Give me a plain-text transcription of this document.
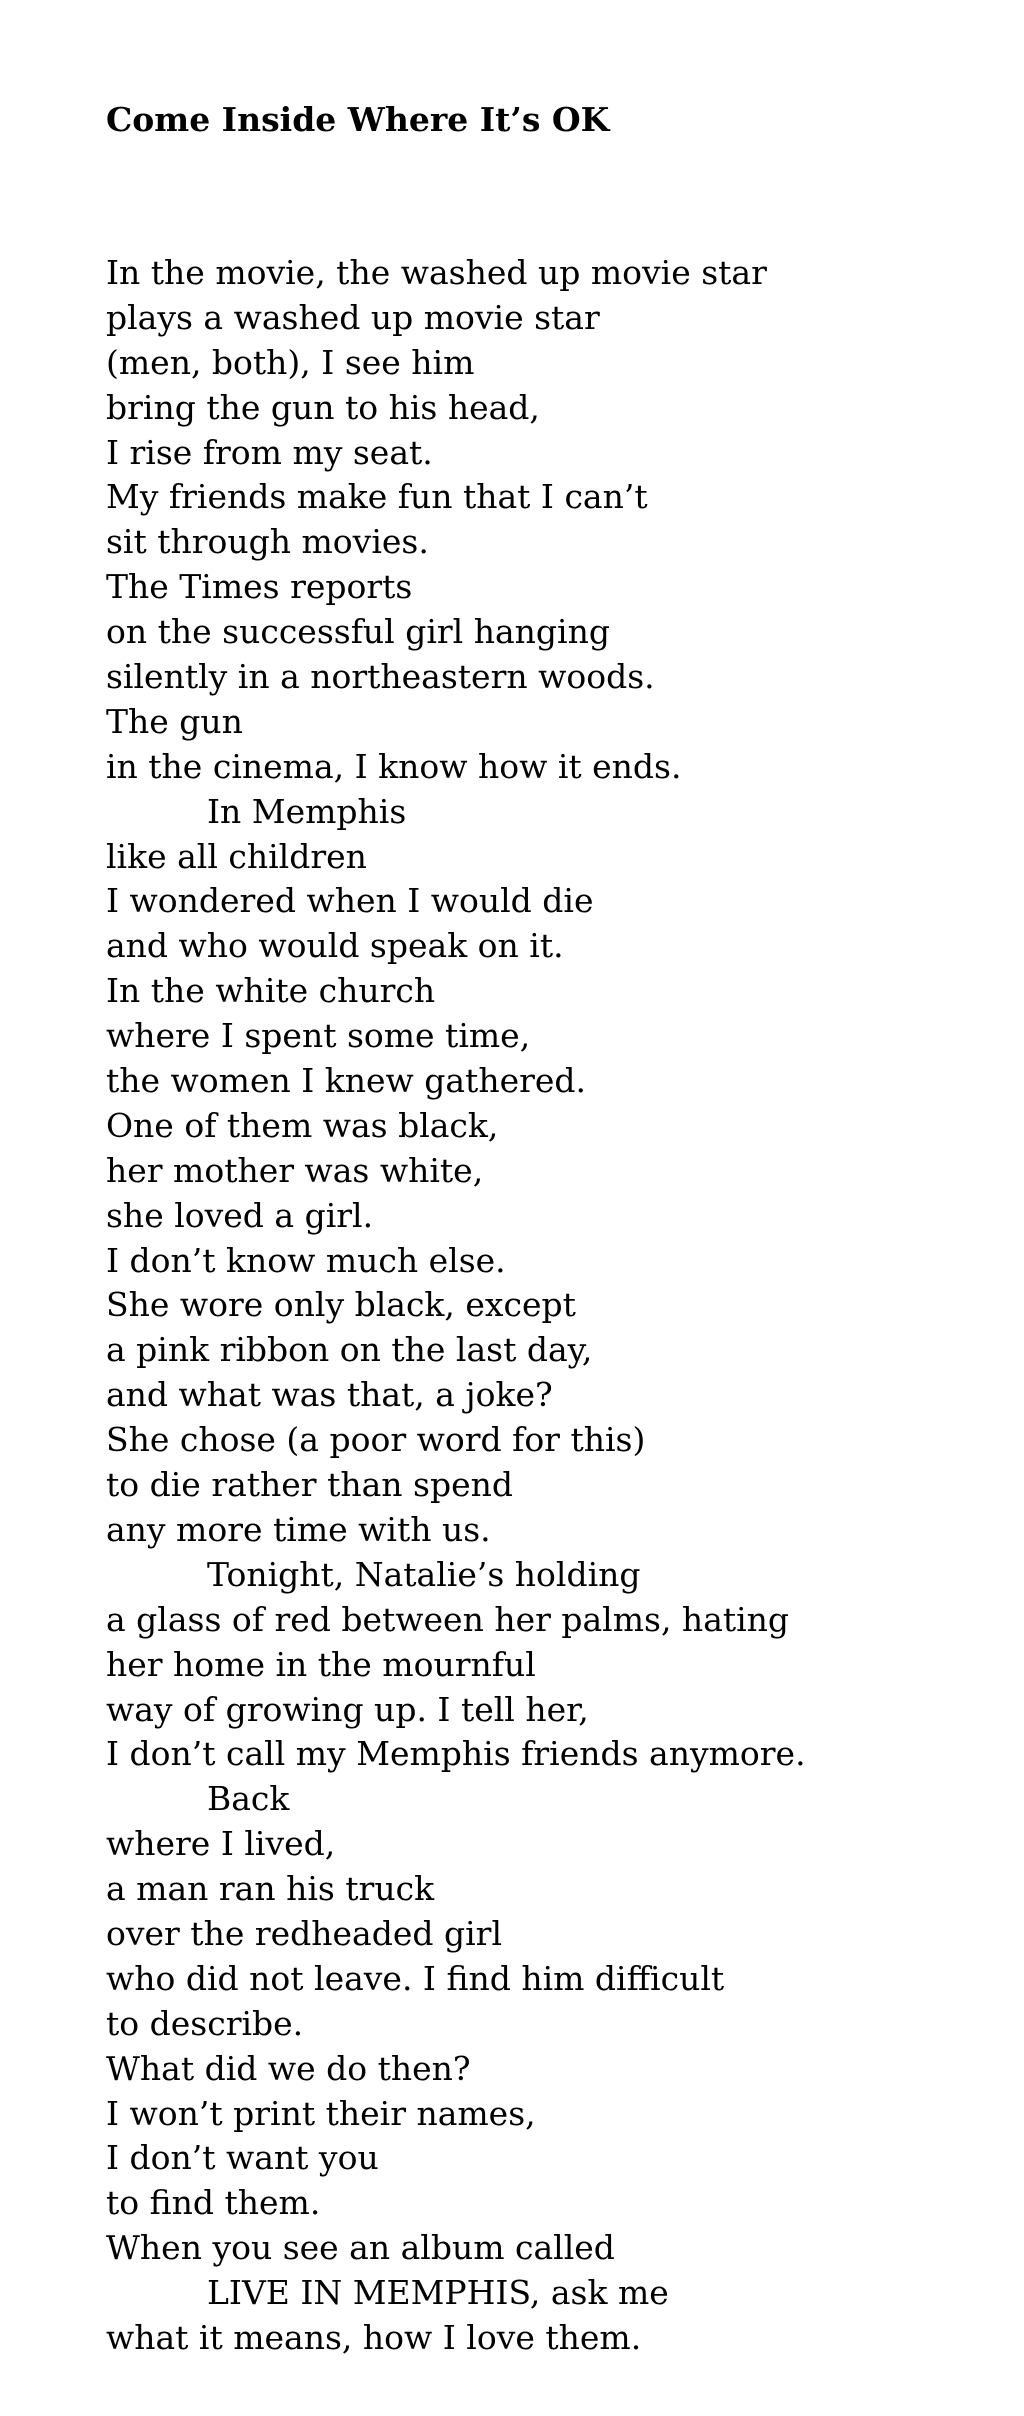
Come Inside Where It’s OK
In the movie, the washed up movie star
plays a washed up movie star
(men, both), I see him
bring the gun to his head,
I rise from my seat.
My friends make fun that I can’t
sit through movies.
The Times reports
on the successful girl hanging
silently in a northeastern woods.
The gun
in the cinema, I know how it ends.
In Memphis
like all children
I wondered when I would die
and who would speak on it.
In the white church
where I spent some time,
the women I knew gathered.
One of them was black,
her mother was white,
she loved a girl.
I don’t know much else.
She wore only black, except
a pink ribbon on the last day,
and what was that, a joke?
She chose (a poor word for this)
to die rather than spend
any more time with us.
Tonight, Natalie’s holding
a glass of red between her palms, hating
her home in the mournful
way of growing up. I tell her,
I don’t call my Memphis friends anymore.
Back
where I lived,
a man ran his truck
over the redheaded girl
who did not leave. I find him difficult
to describe.
What did we do then?
I won’t print their names,
I don’t want you
to find them.
When you see an album called
LIVE IN MEMPHIS, ask me
what it means, how I love them.
